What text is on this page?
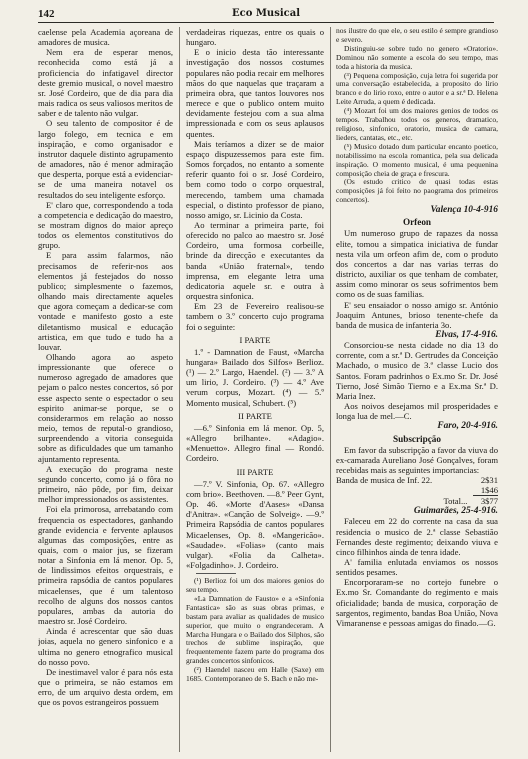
142	Eco Musical

caelense pela Academia açoreana de amadores de musica.

Nem era de esperar menos, reconhecida como está já a proficiencia do infatigavel director deste gremio musical, o novel maestro sr. José Cordeiro, que de dia para dia mais radica os seus valiosos meritos de saber e de talento não vulgar.

O seu talento de compositor é de largo folego, em tecnica e em inspiração, e como organisador e instrutor daquele distinto agrupamento de amadores, não é menor admiração que desperta, porque está a evidenciar-se de uma maneira notavel os resultados do seu inteligente esforço.

E' claro que, correspondendo a toda a competencia e dedicação do maestro, se mostram dignos do maior apreço todos os elementos constitutivos do grupo.

E para assim falarmos, não precisamos de referir-nos aos elementos já festejados do nosso publico; simplesmente o fazemos, olhando mais directamente aqueles que agora começam a dedicar-se com vontade e manifesto gosto a este diletantismo musical e educação artistica, em que tudo e tudo ha a louvar.

Olhando agora ao aspeto impressionante que oferece o numeroso agregado de amadores que pejam o palco nestes concertos, só por esse aspecto sente o espectador o seu espirito animar-se porque, se o considerarmos em relação ao nosso meio, temos de reputal-o grandioso, surpreendendo a vitoria conseguida sobre as dificuldades que um tamanho ajuntamento representa.

A execução do programa neste segundo concerto, como já o fôra no primeiro, não pôde, por fim, deixar melhor impressionados os assistentes.

Foi ela primorosa, arrebatando com frequencia os espectadores, ganhando grande evidencia e fervente aplausos algumas das composições, entre as quais, com o maior jus, se fizeram notar a Sinfonia em lá menor. Op. 5, de lindissimos efeitos orquestrais, e primeira rapsódia de cantos populares micaelenses, que é um talentoso recolho de alguns dos nossos cantos populares, ambas da autoria do maestro sr. José Cordeiro.

Ainda é acrescentar que são duas joias, aquela no genero sinfonico e a ultima no genero etnografico musical do nosso povo.

De inestimavel valor é para nós esta que o primeira, se não estamos em erro, de um arquivo desta ordem, em que os povos estrangeiros possuem

verdadeiras riquezas, entre os quais o hungaro.

E o inicio desta tão interessante investigação dos nossos costumes populares não podia recair em melhores mãos do que naquelas que traçaram a primeira obra, que tantos louvores nos merece e que o publico ontem muito devidamente festejou com a sua alma impressionada e com os seus aplausos quentes.

Mais teríamos a dizer se de maior espaço dispuzessemos para este fim. Somos forçados, no entanto a somente referir quanto foi o sr. José Cordeiro, bem como todo o corpo orquestral, merecendo, tambem uma chamada especial, o distinto professor de piano, nosso amigo, sr. Licinio da Costa.

Ao terminar a primeira parte, foi oferecido no palco ao maestro sr. José Cordeiro, uma formosa corbeille, brinde da direcção e executantes da banda «União fraternal», tendo imprensa, em elegante letra uma dedicatoria aquele sr. e outra à orquestra sinfonica.

Em 23 de Fevereiro realisou-se tambem o 3.º concerto cujo programa foi o seguinte:

I PARTE

1.º - Damnation de Faust, «Marcha hungara» Bailado dos Silfos» Berlioz. (¹) — 2.º Largo, Haendel. (²) — 3.º A um lirio, J. Cordeiro. (³) — 4.º Ave verum corpus, Mozart. (⁴) — 5.º Momento musical, Schubert. (⁵)

II PARTE

—6.º Sinfonia em lá menor. Op. 5, «Allegro brilhante». «Adagio». «Menuetto». Allegro final — Rondó. Cordeiro.

III PARTE

—7.º V. Sinfonia, Op. 67. «Allegro com brio». Beethoven. —8.º Peer Gynt, Op. 46. «Morte d'Aases» «Dansa d'Anitra». «Canção de Solveig». —9.º Primeira Rapsódia de cantos populares Micaelenses, Op. 8. «Mangericão». «Saudade». «Folias» (canto mais vulgar). «Folia da Calheta». «Folgadinho». J. Cordeiro.

(¹) Berlioz foi um dos maiores genios do seu tempo.

«La Damnation de Fausto» e a «Sinfonia Fantastica» são as suas obras primas, e bastam para avaliar as qualidades de musico superior, que muito o engrandeceram. A Marcha Hungara e o Bailado dos Silphos, são trechos de sublime inspiração, que frequentemente fazem parte do programa dos grandes concertos sinfonicos.

(²) Haendel nasceu em Halle (Saxe) em 1685. Contemporaneo de S. Bach e não me-

nos ilustre do que ele, o seu estilo é sempre grandioso e severo.

Distinguiu-se sobre tudo no genero «Oratorio». Dominou não somente a escola do seu tempo, mas toda a historia da musica.

(³) Pequena composição, cuja letra foi sugerida por uma conversação estabelecida, a proposito do lirio branco e do lirio roxo, entre o autor e a sr.ª D. Helena Leite Arruda, a quem é dedicada.

(⁴) Mozart foi um dos maiores genios de todos os tempos. Trabalhou todos os generos, dramatico, religioso, sinfonico, oratorio, musica de camara, lieders, cantatas, etc., etc.

(⁵) Musico dotado dum particular encanto poetico, notabilissimo na escola romantica, pela sua delicada inspiração. O momento musical, é uma pequenina composição cheia de graça e frescura.

(Os estudo critico de quasi todas estas composições já foi feito no paograma dos primeiros concertos).

Valença 10-4-916

Orfeon

Um numeroso grupo de rapazes da nossa elite, tomou a simpatica iniciativa de fundar nesta vila um orfeon afim de, com o produto dos concertos a dar nas varias terras do districto, auxiliar os que tenham de combater, assim como minorar os seus sofrimentos bem como os de suas familias.

E' seu ensaiador o nosso amigo sr. António Joaquim Antunes, brioso tenente-chefe da banda de musica de infanteria 3o.

Elvas, 17-4-916.

Consorciou-se nesta cidade no dia 13 do corrente, com a sr.ª D. Gertrudes da Conceição Machado, o musico de 3.ª classe Lucio dos Santos. Foram padrinhos o Ex.mo Sr. Dr. José Tierno, José Simão Tierno e a Ex.ma Sr.ª D. Maria Inez.

Aos noivos desejamos mil prosperidades e longa lua de mel.—C.

Faro, 20-4-916.

Subscripção

Em favor da subscripção a favor da viuva do ex-camarada Aureliano José Gonçalves, foram recebidas mais as seguintes importancias:

Banda de musica de Inf. 22.	2$31
	1$46
Total...	3$77

Guimarães, 25-4-916.

Faleceu em 22 do corrente na casa da sua residencia o musico de 2.ª classe Sebastião Fernandes deste regimento; deixando viuva e cinco filhinhos ainda de tenra idade.

A' familia enlutada enviamos os nossos sentidos pesames.

Encorporaram-se no cortejo funebre o Ex.mo Sr. Comandante do regimento e mais oficialidade; banda de musica, corporação de sargentos, regimento, bandas Boa União, Nova Vimaranense e pessoas amigas do finado.—G.
